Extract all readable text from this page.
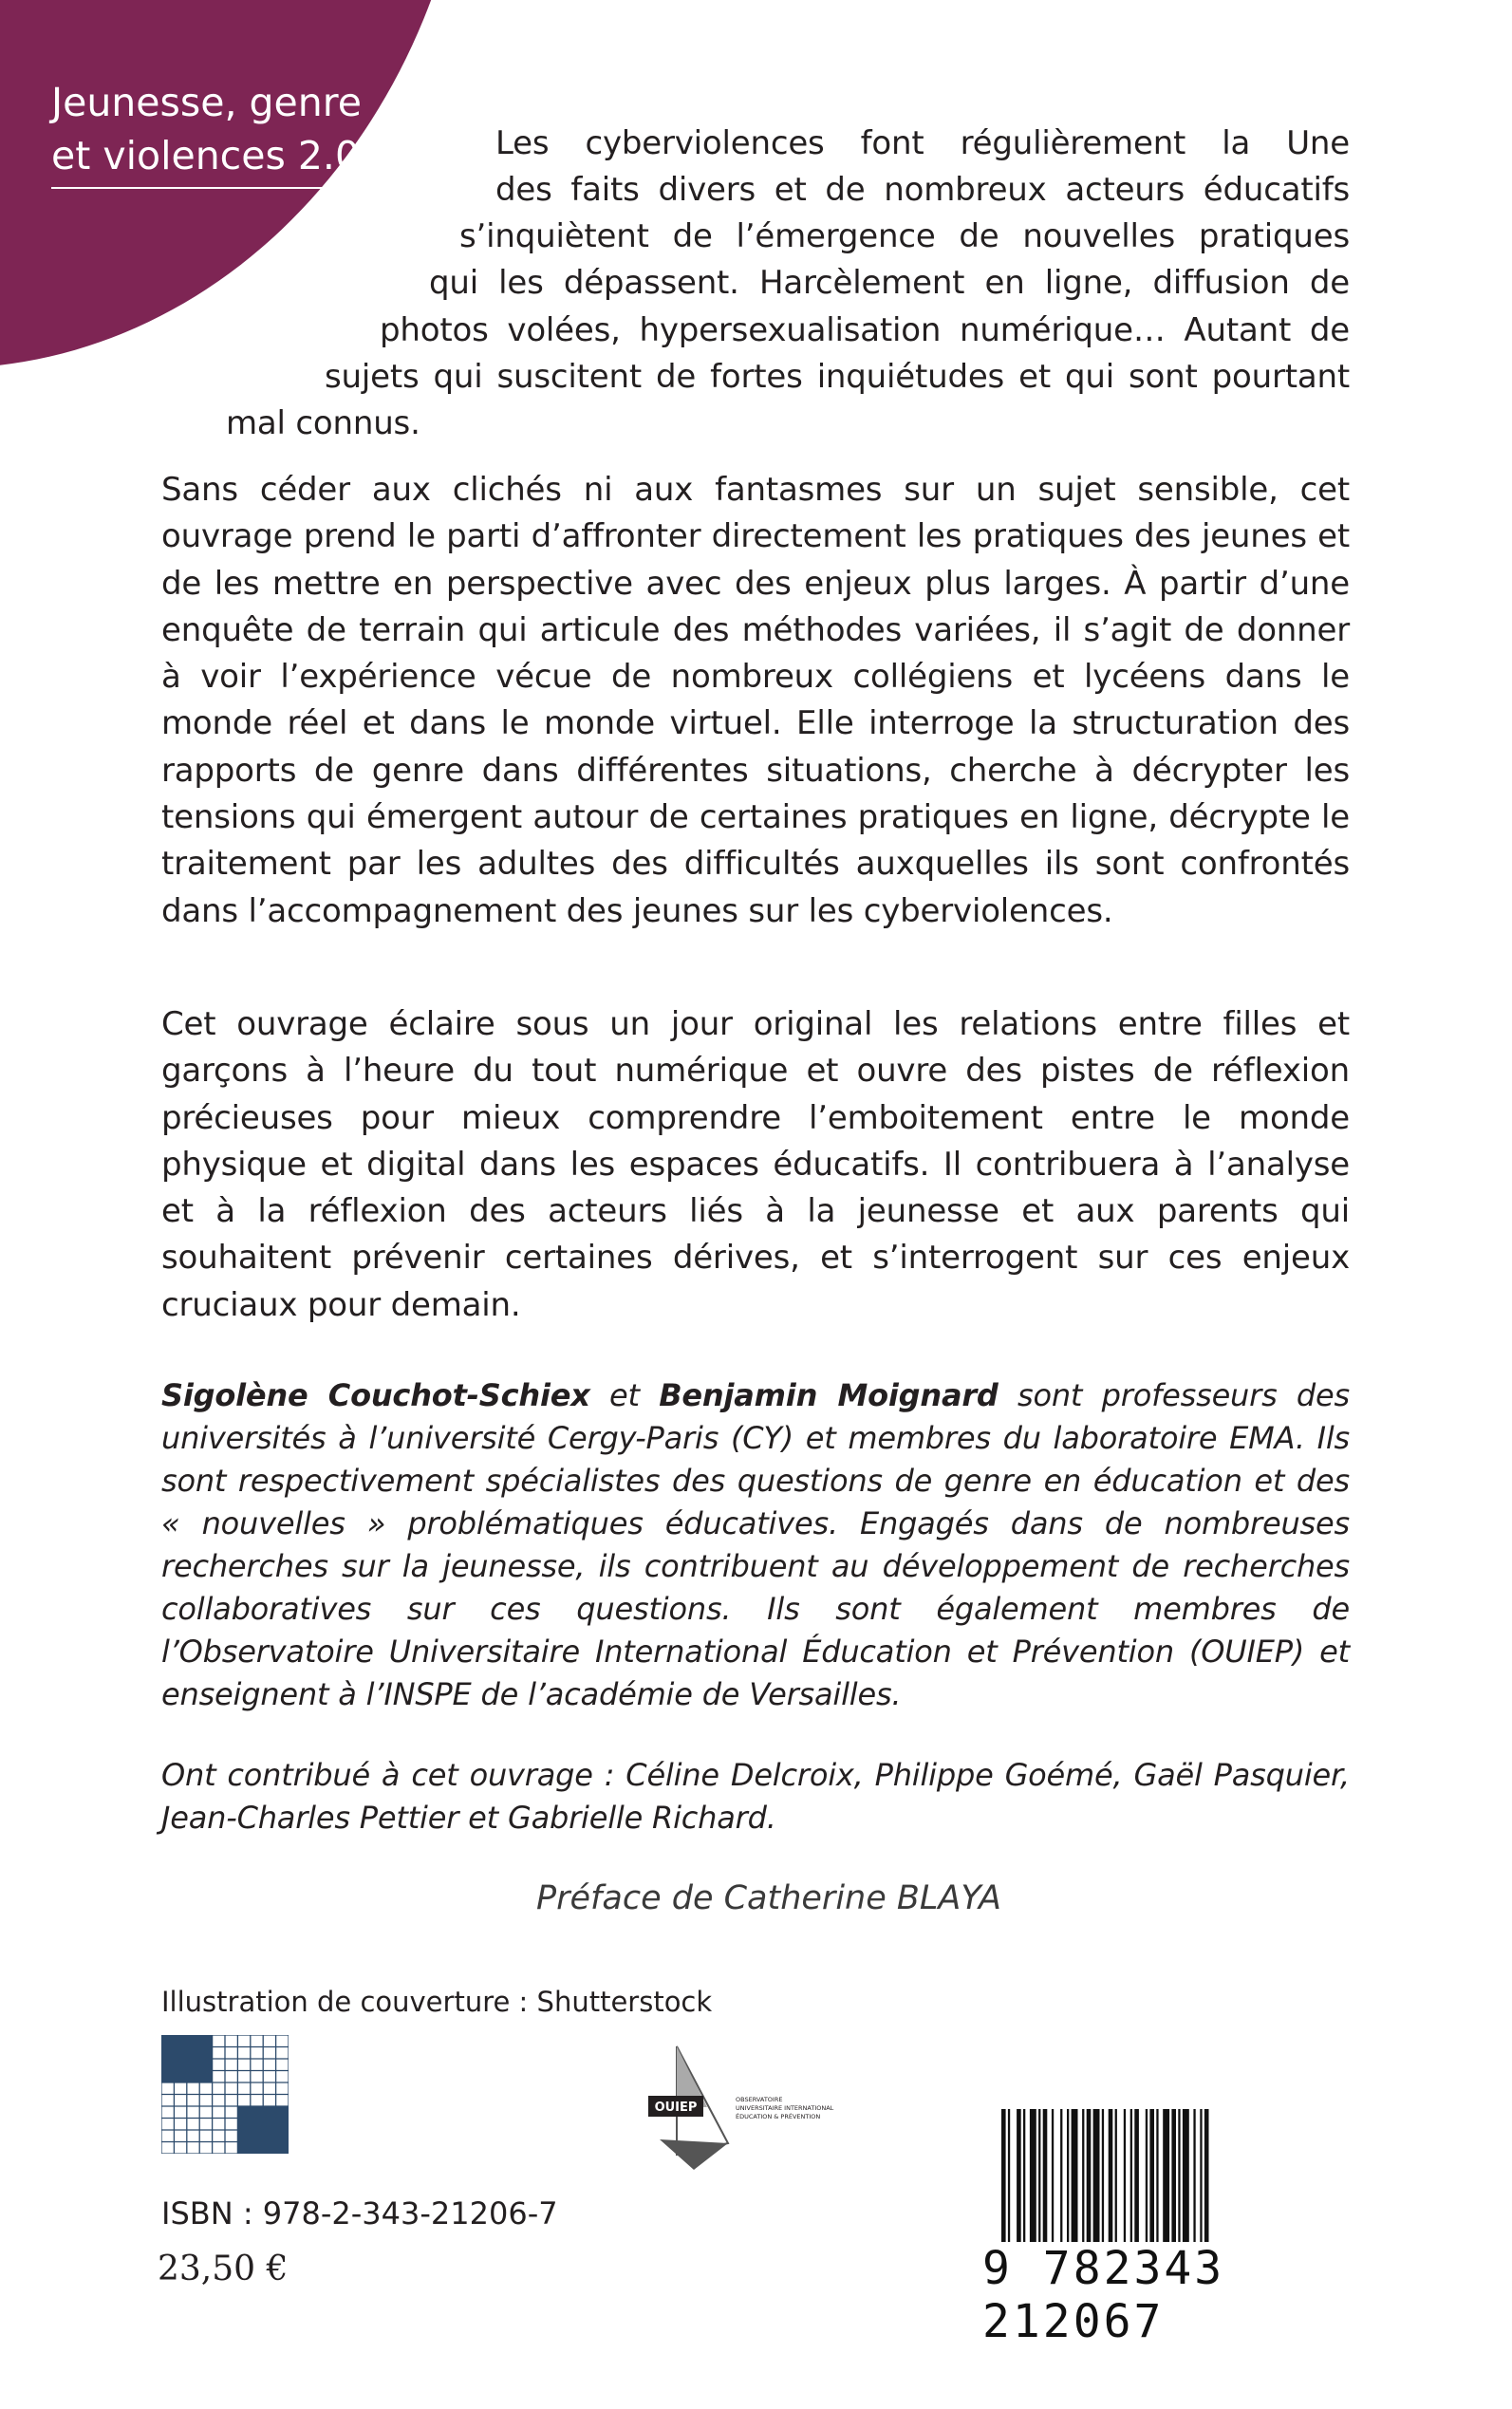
Jeunesse, genre
et violences 2.0	Les cyberviolences font régulièrement la Une
des faits divers et de nombreux acteurs éducatifs
s’inquiètent de l’émergence de nouvelles pratiques
qui les dépassent. Harcèlement en ligne, diffusion de
photos volées, hypersexualisation numérique… Autant de
sujets qui suscitent de fortes inquiétudes et qui sont pourtant
mal connus.

Sans céder aux clichés ni aux fantasmes sur un sujet sensible, cet ouvrage prend le parti d’affronter directement les pratiques des jeunes et de les mettre en perspective avec des enjeux plus larges. À partir d’une enquête de terrain qui articule des méthodes variées, il s’agit de donner à voir l’expérience vécue de nombreux collégiens et lycéens dans le monde réel et dans le monde virtuel. Elle interroge la structuration des rapports de genre dans différentes situations, cherche à décrypter les tensions qui émergent autour de certaines pratiques en ligne, décrypte le traitement par les adultes des difficultés auxquelles ils sont confrontés dans l’accompagnement des jeunes sur les cyberviolences.

Cet ouvrage éclaire sous un jour original les relations entre filles et garçons à l’heure du tout numérique et ouvre des pistes de réflexion précieuses pour mieux comprendre l’emboitement entre le monde physique et digital dans les espaces éducatifs. Il contribuera à l’analyse et à la réflexion des acteurs liés à la jeunesse et aux parents qui souhaitent prévenir certaines dérives, et s’interrogent sur ces enjeux cruciaux pour demain.

Sigolène Couchot-Schiex et Benjamin Moignard sont professeurs des universités à l’université Cergy-Paris (CY) et membres du laboratoire EMA. Ils sont respectivement spécialistes des questions de genre en éducation et des « nouvelles » problématiques éducatives. Engagés dans de nombreuses recherches sur la jeunesse, ils contribuent au développement de recherches collaboratives sur ces questions. Ils sont également membres de l’Observatoire Universitaire International Éducation et Prévention (OUIEP) et enseignent à l’INSPE de l’académie de Versailles.

Ont contribué à cet ouvrage : Céline Delcroix, Philippe Goémé, Gaël Pasquier, Jean-Charles Pettier et Gabrielle Richard.

Préface de Catherine BLAYA
Illustration de couverture : Shutterstock
OUIEP
OBSERVATOIRE
UNIVERSITAIRE INTERNATIONAL
ÉDUCATION & PRÉVENTION
ISBN : 978-2-343-21206-7
23,50 €	9 782343 212067
